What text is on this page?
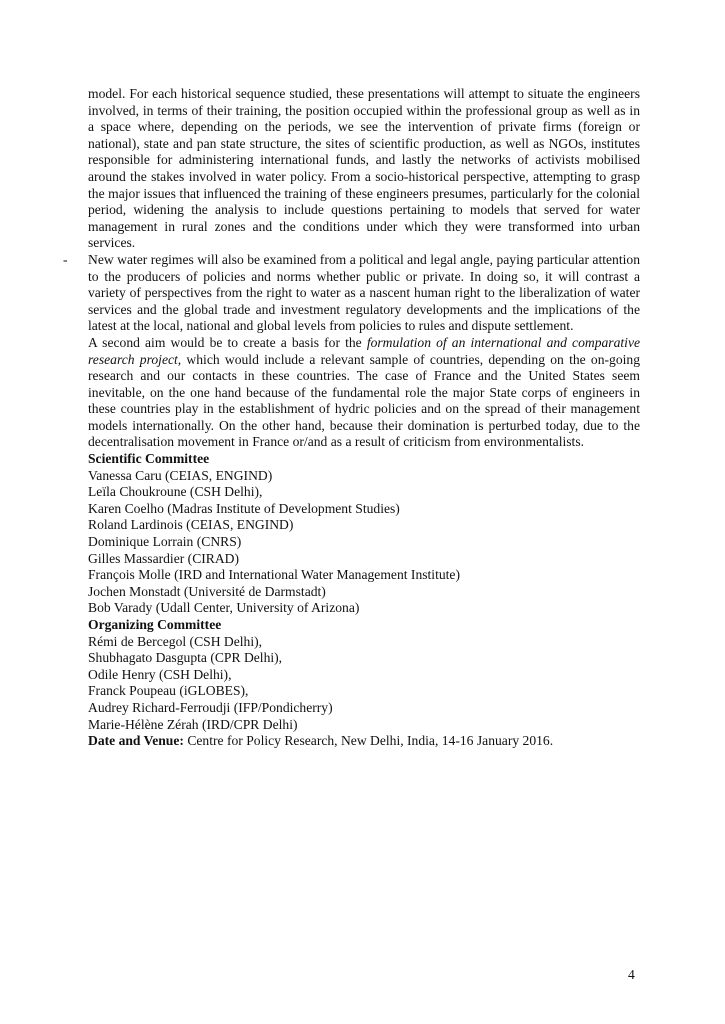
model. For each historical sequence studied, these presentations will attempt to situate the engineers involved, in terms of their training, the position occupied within the professional group as well as in a space where, depending on the periods, we see the intervention of private firms (foreign or national), state and pan state structure, the sites of scientific production, as well as NGOs, institutes responsible for administering international funds, and lastly the networks of activists mobilised around the stakes involved in water policy. From a socio-historical perspective, attempting to grasp the major issues that influenced the training of these engineers presumes, particularly for the colonial period, widening the analysis to include questions pertaining to models that served for water management in rural zones and the conditions under which they were transformed into urban services.

- New water regimes will also be examined from a political and legal angle, paying particular attention to the producers of policies and norms whether public or private. In doing so, it will contrast a variety of perspectives from the right to water as a nascent human right to the liberalization of water services and the global trade and investment regulatory developments and the implications of the latest at the local, national and global levels from policies to rules and dispute settlement.

A second aim would be to create a basis for the formulation of an international and comparative research project, which would include a relevant sample of countries, depending on the on-going research and our contacts in these countries. The case of France and the United States seem inevitable, on the one hand because of the fundamental role the major State corps of engineers in these countries play in the establishment of hydric policies and on the spread of their management models internationally. On the other hand, because their domination is perturbed today, due to the decentralisation movement in France or/and as a result of criticism from environmentalists.

Scientific Committee

Vanessa Caru (CEIAS, ENGIND)

Leïla Choukroune (CSH Delhi),

Karen Coelho (Madras Institute of Development Studies)

Roland Lardinois (CEIAS, ENGIND)

Dominique Lorrain (CNRS)

Gilles Massardier (CIRAD)

François Molle (IRD and International Water Management Institute)

Jochen Monstadt (Université de Darmstadt)

Bob Varady (Udall Center, University of Arizona)

Organizing Committee

Rémi de Bercegol (CSH Delhi),

Shubhagato Dasgupta (CPR Delhi),

Odile Henry (CSH Delhi),

Franck Poupeau (iGLOBES),

Audrey Richard-Ferroudji (IFP/Pondicherry)

Marie-Hélène Zérah (IRD/CPR Delhi)

Date and Venue: Centre for Policy Research, New Delhi, India, 14-16 January 2016.

4
